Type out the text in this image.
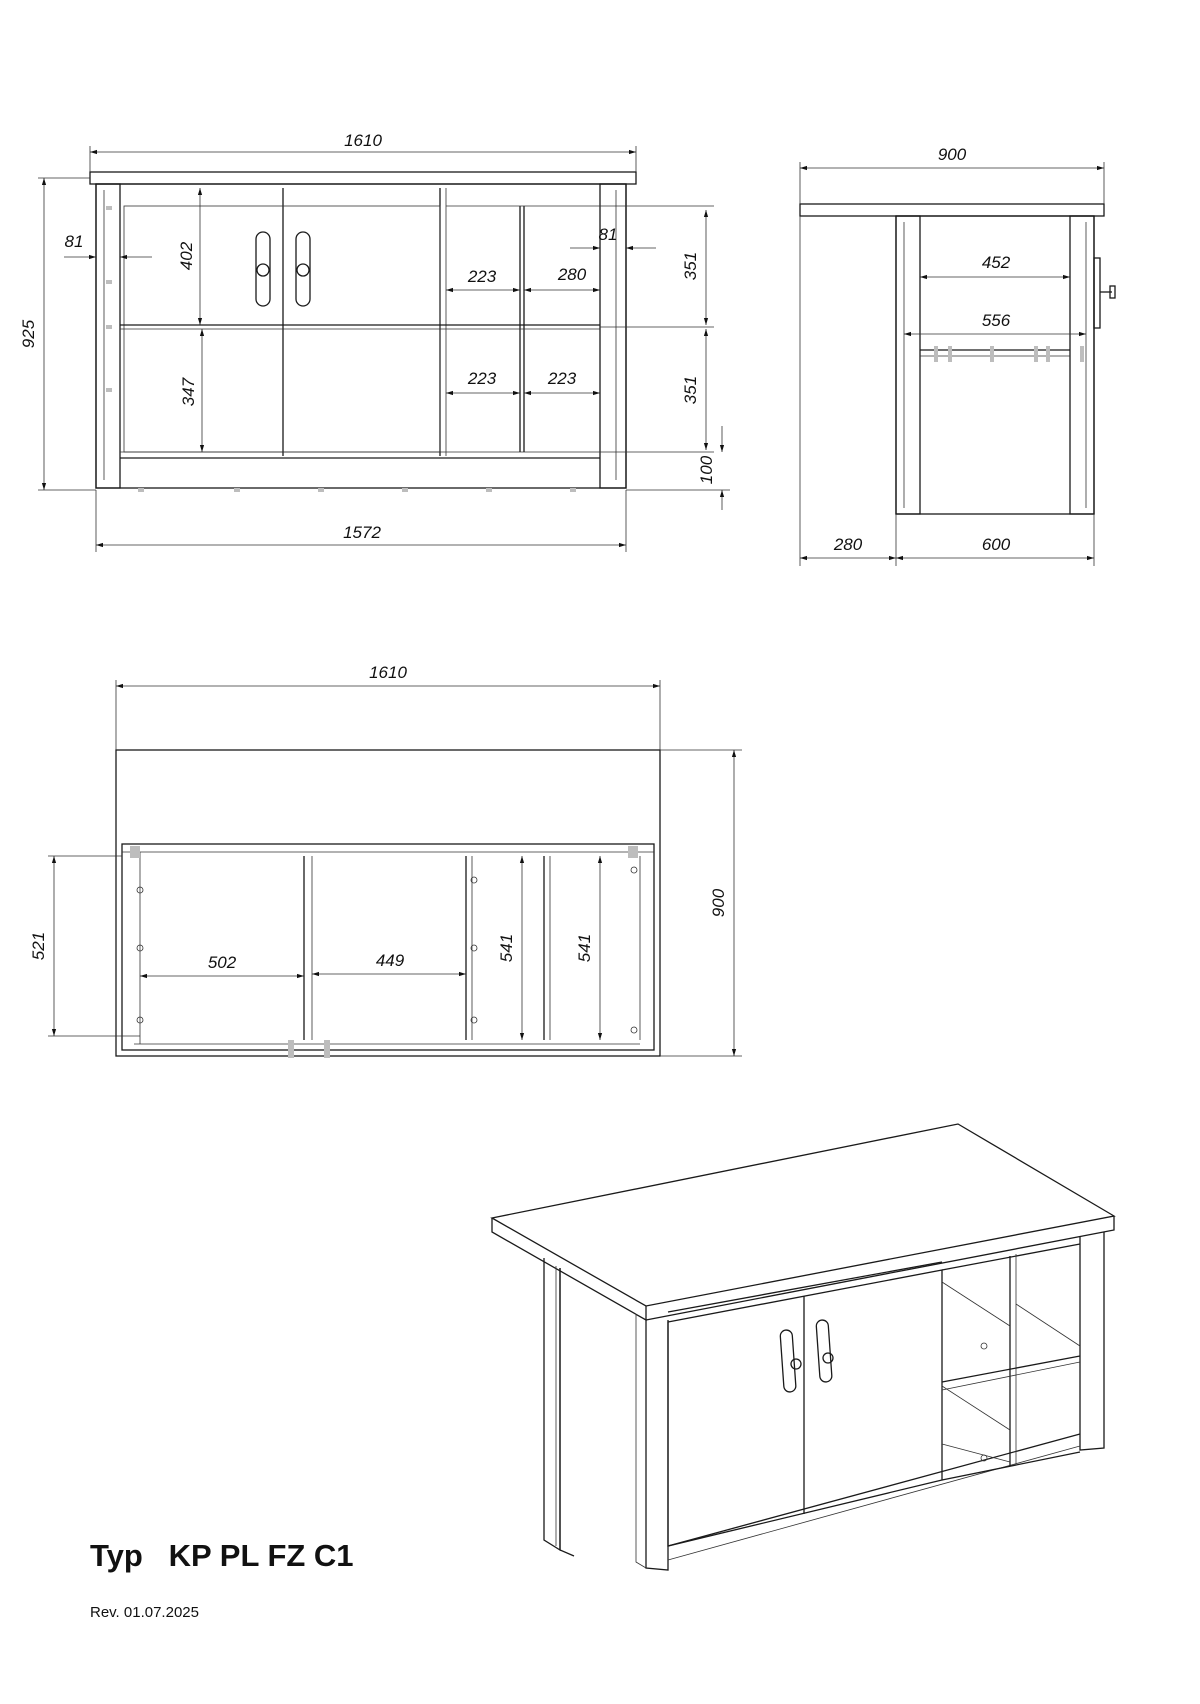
1610
925
1572
81	81
402
347
223	280
223	223
351
351
100
900
452
556
280	600
1610
900
521
502	449	541	541
Typ KP PL FZ C1
Rev. 01.07.2025
